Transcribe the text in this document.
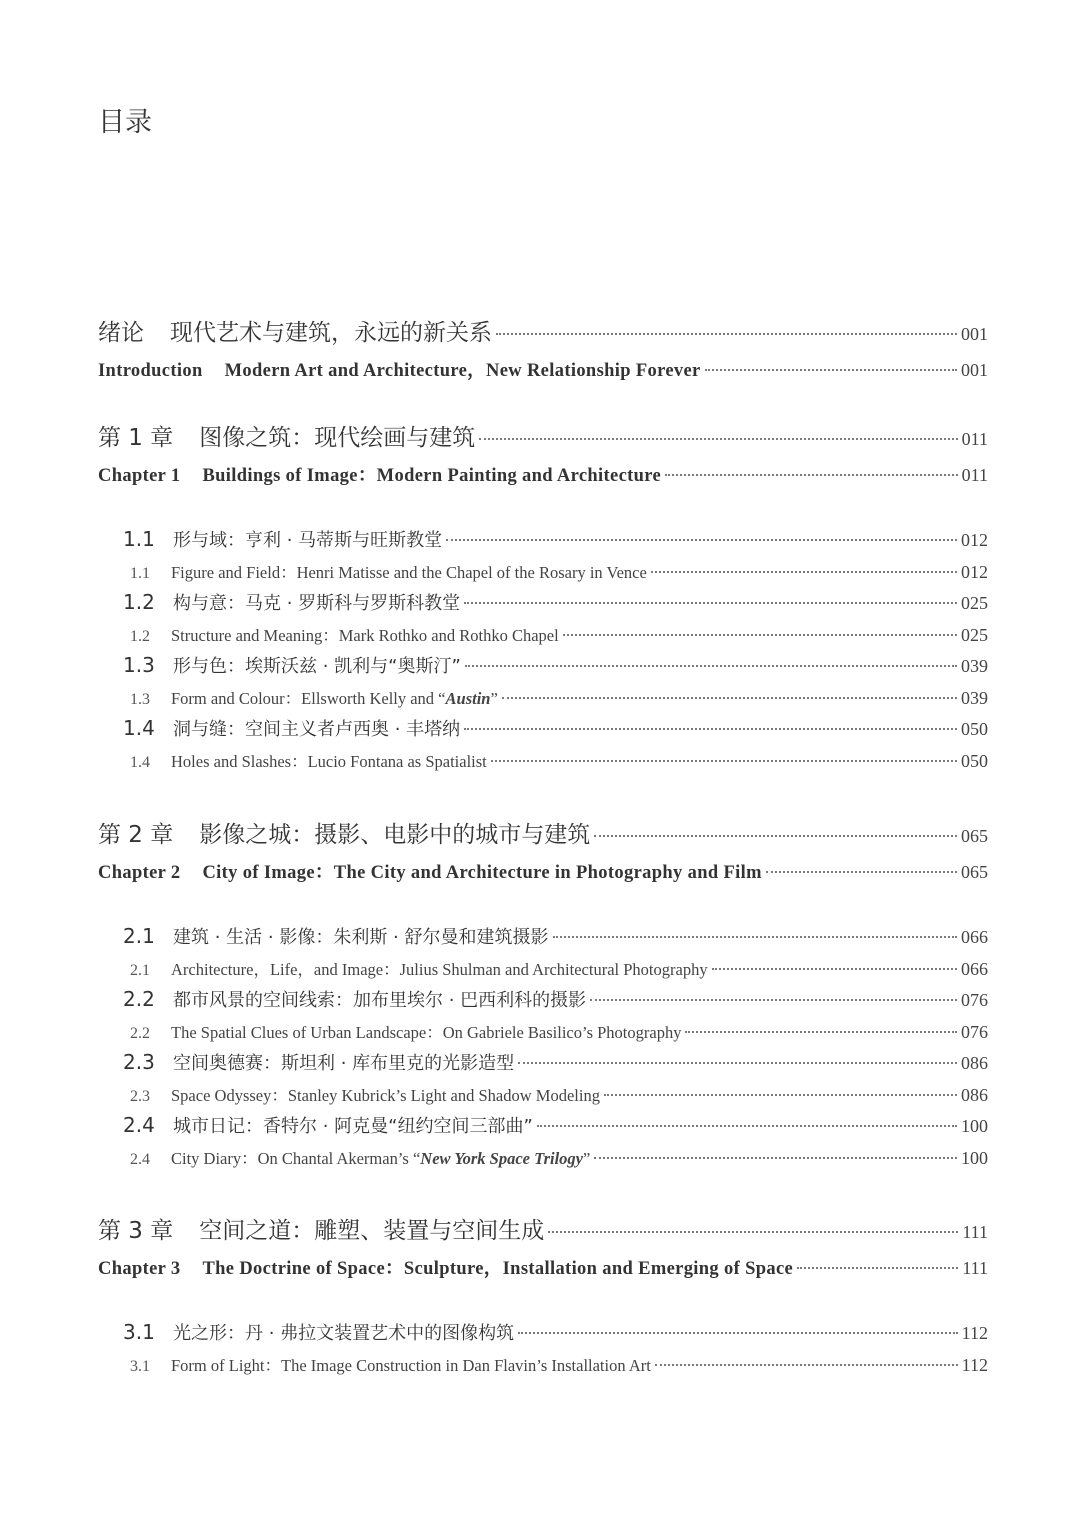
目录
绪论 现代艺术与建筑，永远的新关系	001
Introduction Modern Art and Architecture，New Relationship Forever	001
第 1 章 图像之筑：现代绘画与建筑	011
Chapter 1 Buildings of Image：Modern Painting and Architecture	011
1.1	形与域：亨利 · 马蒂斯与旺斯教堂	012
1.1	Figure and Field：Henri Matisse and the Chapel of the Rosary in Vence	012
1.2	构与意：马克 · 罗斯科与罗斯科教堂	025
1.2	Structure and Meaning：Mark Rothko and Rothko Chapel	025
1.3	形与色：埃斯沃兹 · 凯利与“奥斯汀”	039
1.3	Form and Colour：Ellsworth Kelly and “Austin”	039
1.4	洞与缝：空间主义者卢西奥 · 丰塔纳	050
1.4	Holes and Slashes：Lucio Fontana as Spatialist	050
第 2 章 影像之城：摄影、电影中的城市与建筑	065
Chapter 2 City of Image：The City and Architecture in Photography and Film	065
2.1	建筑 · 生活 · 影像：朱利斯 · 舒尔曼和建筑摄影	066
2.1	Architecture，Life，and Image：Julius Shulman and Architectural Photography	066
2.2	都市风景的空间线索：加布里埃尔 · 巴西利科的摄影	076
2.2	The Spatial Clues of Urban Landscape：On Gabriele Basilico’s Photography	076
2.3	空间奥德赛：斯坦利 · 库布里克的光影造型	086
2.3	Space Odyssey：Stanley Kubrick’s Light and Shadow Modeling	086
2.4	城市日记：香特尔 · 阿克曼“纽约空间三部曲”	100
2.4	City Diary：On Chantal Akerman’s “New York Space Trilogy”	100
第 3 章 空间之道：雕塑、装置与空间生成	111
Chapter 3 The Doctrine of Space：Sculpture，Installation and Emerging of Space	111
3.1	光之形：丹 · 弗拉文装置艺术中的图像构筑	112
3.1	Form of Light：The Image Construction in Dan Flavin’s Installation Art	112
